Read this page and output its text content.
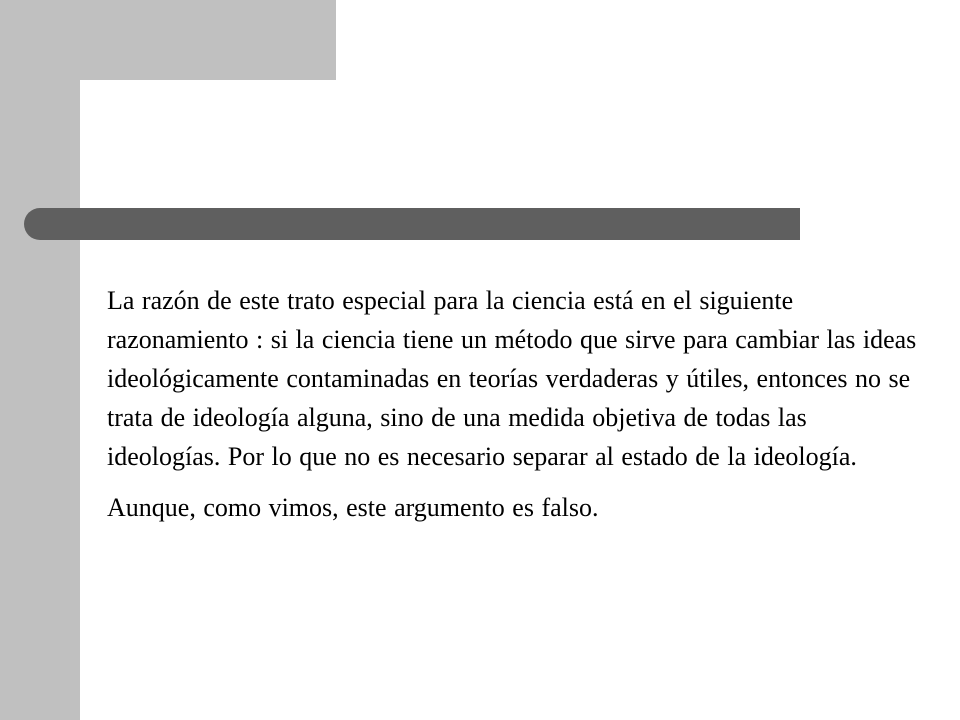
La razón de este trato especial para la ciencia está en el siguiente razonamiento : si la ciencia tiene un método que sirve para cambiar las ideas ideológicamente contaminadas en teorías verdaderas y útiles, entonces no se trata de ideología alguna, sino de una medida objetiva de todas las ideologías. Por lo que no es necesario separar al estado de la ideología.

Aunque, como vimos, este argumento es falso.
